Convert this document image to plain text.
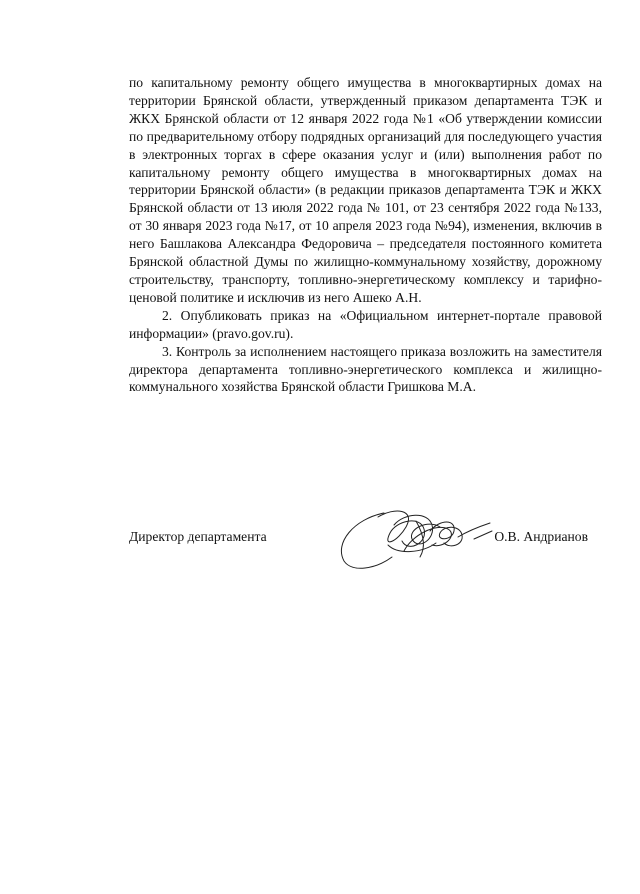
по капитальному ремонту общего имущества в многоквартирных домах на территории Брянской области, утвержденный приказом департамента ТЭК и ЖКХ Брянской области от 12 января 2022 года №1 «Об утверждении комиссии по предварительному отбору подрядных организаций для последующего участия в электронных торгах в сфере оказания услуг и (или) выполнения работ по капитальному ремонту общего имущества в многоквартирных домах на территории Брянской области» (в редакции приказов департамента ТЭК и ЖКХ Брянской области от 13 июля 2022 года № 101, от 23 сентября 2022 года №133, от 30 января 2023 года №17, от 10 апреля 2023 года №94), изменения, включив в него Башлакова Александра Федоровича – председателя постоянного комитета Брянской областной Думы по жилищно-коммунальному хозяйству, дорожному строительству, транспорту, топливно-энергетическому комплексу и тарифно-ценовой политике и исключив из него Ашеко А.Н.

2. Опубликовать приказ на «Официальном интернет-портале правовой информации» (pravo.gov.ru).

3. Контроль за исполнением настоящего приказа возложить на заместителя директора департамента топливно-энергетического комплекса и жилищно-коммунального хозяйства Брянской области Гришкова М.А.

Директор департамента	О.В. Андрианов
